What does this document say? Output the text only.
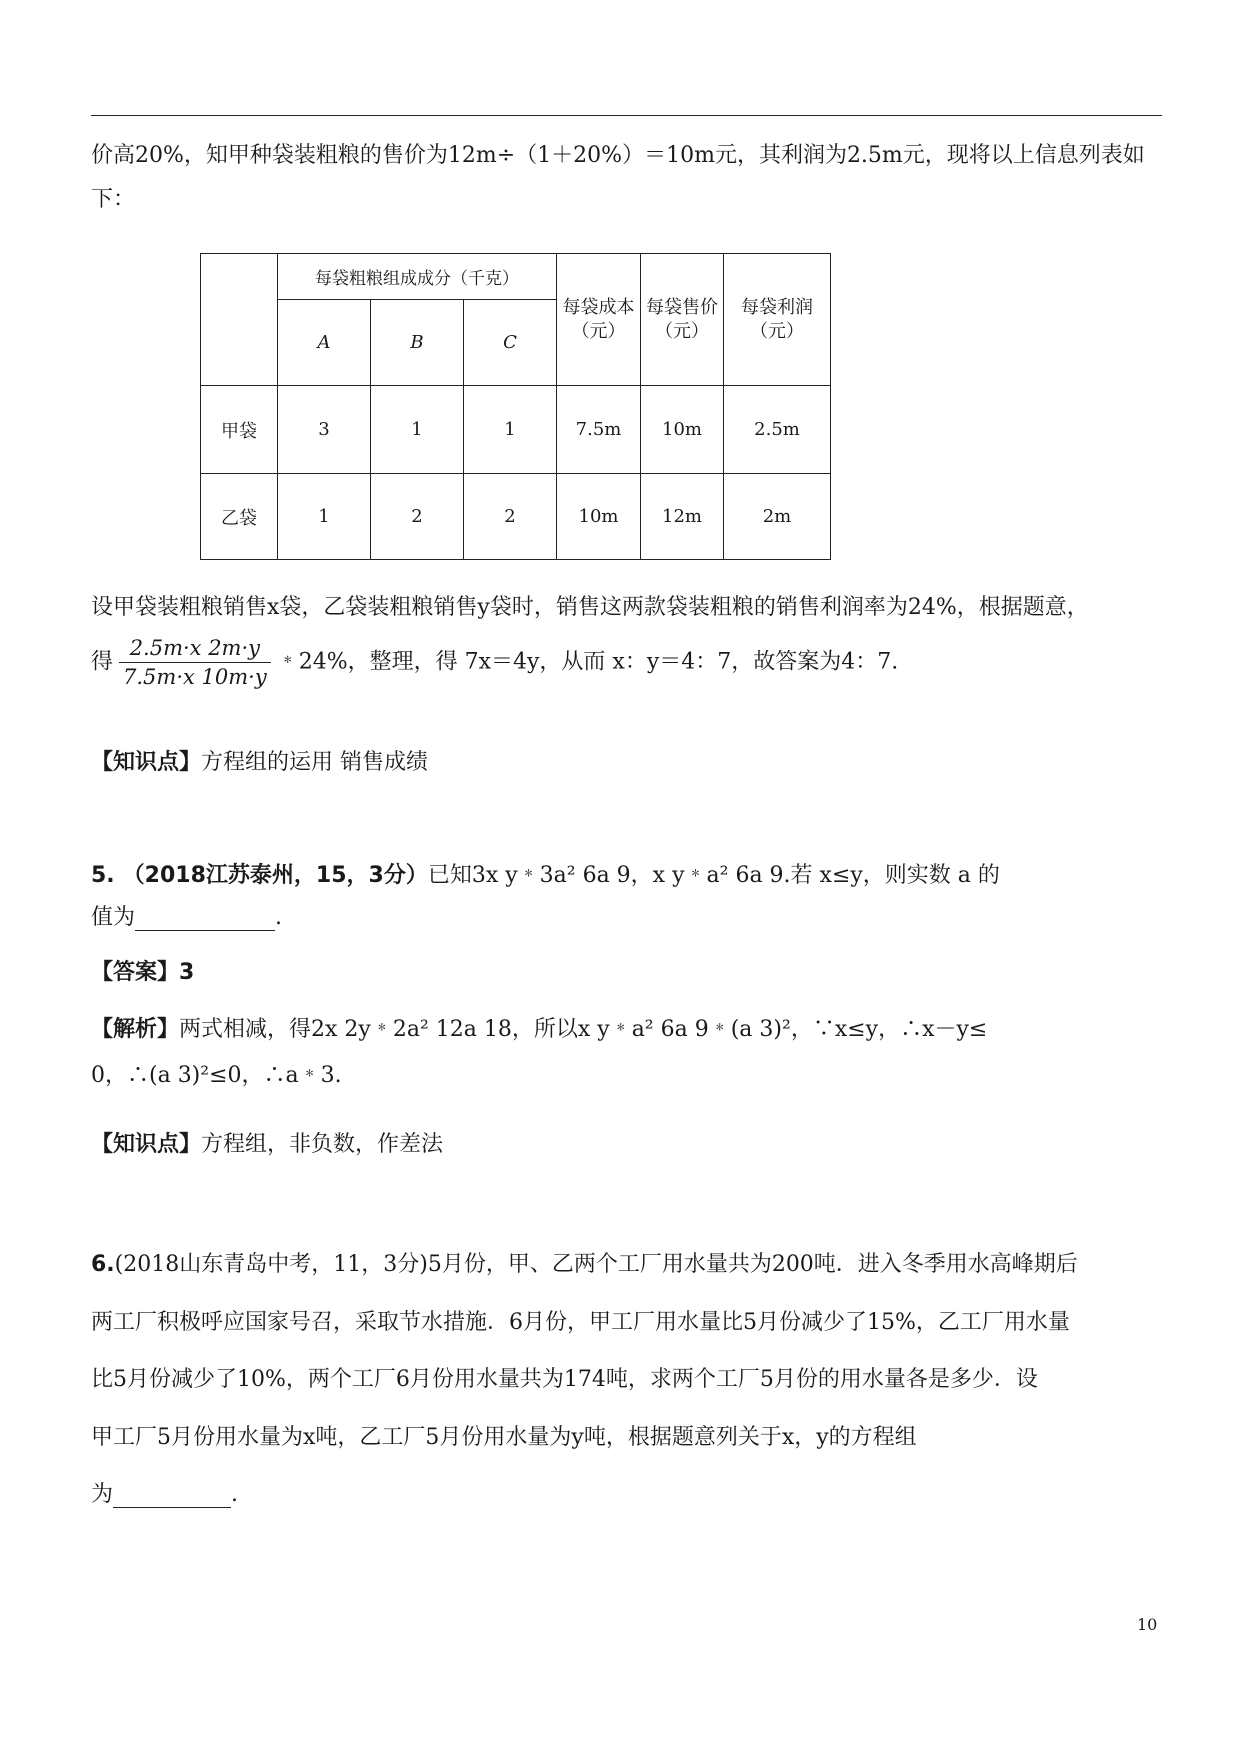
价高20%，知甲种袋装粗粮的售价为12m÷（1＋20%）＝10m元，其利润为2.5m元，现将以上信息列表如
下：
	每袋粗粮组成成分（千克）			每袋成本（元）	每袋售价（元）	每袋利润（元）
	A	B	C			
甲袋	3	1	1	7.5m	10m	2.5m
乙袋	1	2	2	10m	12m	2m
设甲袋装粗粮销售x袋，乙袋装粗粮销售y袋时，销售这两款袋装粗粮的销售利润率为24%，根据题意，
得 $\frac{2.5m\cdot x 2m\cdot y}{7.5m\cdot x 10m\cdot y}$ ﹡24%，整理，得 7x＝4y，从而 x：y＝4：7，故答案为4：7.
【知识点】方程组的运用 销售成绩
5. （2018江苏泰州，15，3分）已知3x y﹡3a² 6a 9，x y﹡a² 6a 9.若 x≤y，则实数 a 的
值为	.
【答案】3
【解析】两式相减，得2x 2y﹡2a² 12a 18，所以x y﹡a² 6a 9﹡(a 3)²，∵x≤y，∴x－y≤
0，∴(a 3)²≤0，∴a﹡3.
【知识点】方程组，非负数，作差法
6.(2018山东青岛中考，11，3分)5月份，甲、乙两个工厂用水量共为200吨．进入冬季用水高峰期后
两工厂积极呼应国家号召，采取节水措施．6月份，甲工厂用水量比5月份减少了15%，乙工厂用水量
比5月份减少了10%，两个工厂6月份用水量共为174吨，求两个工厂5月份的用水量各是多少．设
甲工厂5月份用水量为x吨，乙工厂5月份用水量为y吨，根据题意列关于x，y的方程组
为	.
10
